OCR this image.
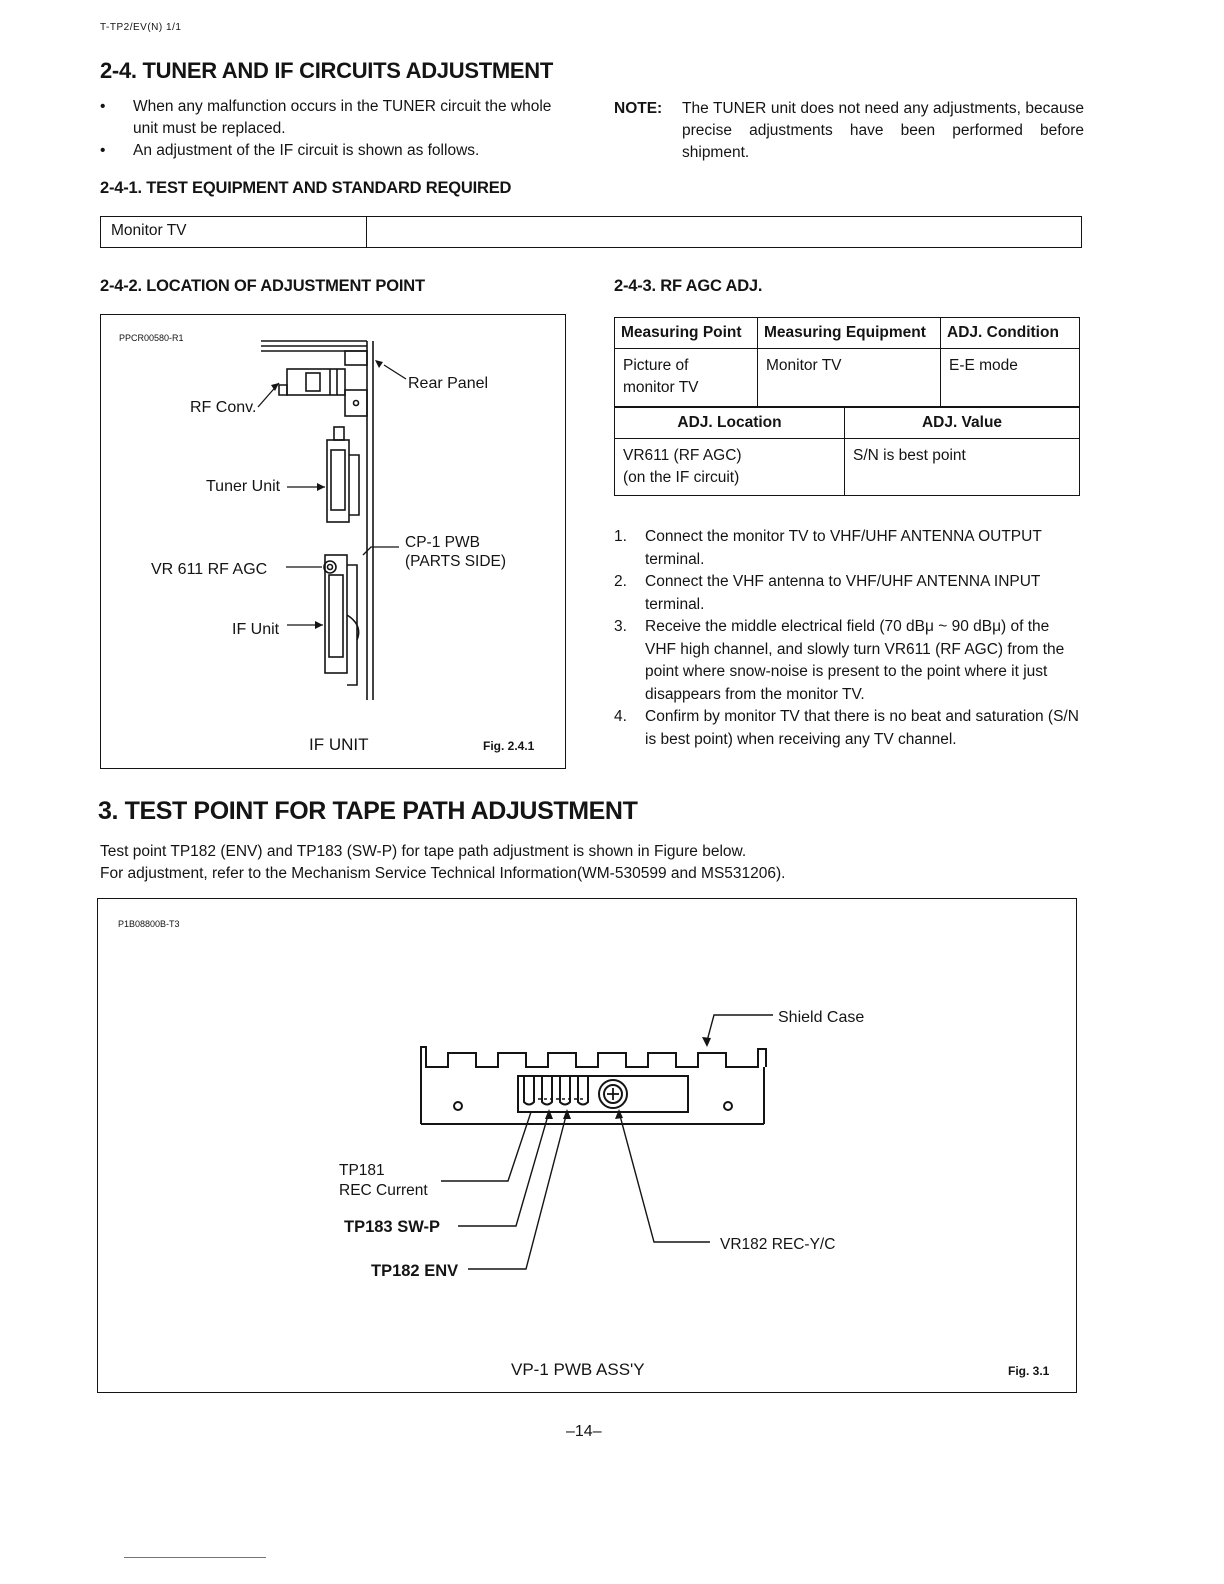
T-TP2/EV(N) 1/1
2-4. TUNER AND IF CIRCUITS ADJUSTMENT
• When any malfunction occurs in the TUNER circuit the whole unit must be replaced.
• An adjustment of the IF circuit is shown as follows.
NOTE: The TUNER unit does not need any adjustments, because precise adjustments have been performed before shipment.
2-4-1. TEST EQUIPMENT AND STANDARD REQUIRED
Monitor TV
2-4-2. LOCATION OF ADJUSTMENT POINT
PPCR00580-R1
Rear Panel
RF Conv.
Tuner Unit
CP-1 PWB
(PARTS SIDE)
VR 611 RF AGC
IF Unit
IF UNIT	Fig. 2.4.1
2-4-3. RF AGC ADJ.
Measuring Point	Measuring Equipment	ADJ. Condition

Picture of
monitor TV	Monitor TV	E-E mode
ADJ. Location	ADJ. Value

VR611 (RF AGC)
(on the IF circuit)	S/N is best point
1. Connect the monitor TV to VHF/UHF ANTENNA OUTPUT terminal.
2. Connect the VHF antenna to VHF/UHF ANTENNA INPUT terminal.
3. Receive the middle electrical field (70 dBμ ~ 90 dBμ) of the VHF high channel, and slowly turn VR611 (RF AGC) from the point where snow-noise is present to the point where it just disappears from the monitor TV.
4. Confirm by monitor TV that there is no beat and saturation (S/N is best point) when receiving any TV channel.
3. TEST POINT FOR TAPE PATH ADJUSTMENT
Test point TP182 (ENV) and TP183 (SW-P) for tape path adjustment is shown in Figure below.
For adjustment, refer to the Mechanism Service Technical Information(WM-530599 and MS531206).
P1B08800B-T3
Shield Case
TP181
REC Current
TP183 SW-P
TP182 ENV
VR182 REC-Y/C
VP-1 PWB ASS'Y	Fig. 3.1
–14–
